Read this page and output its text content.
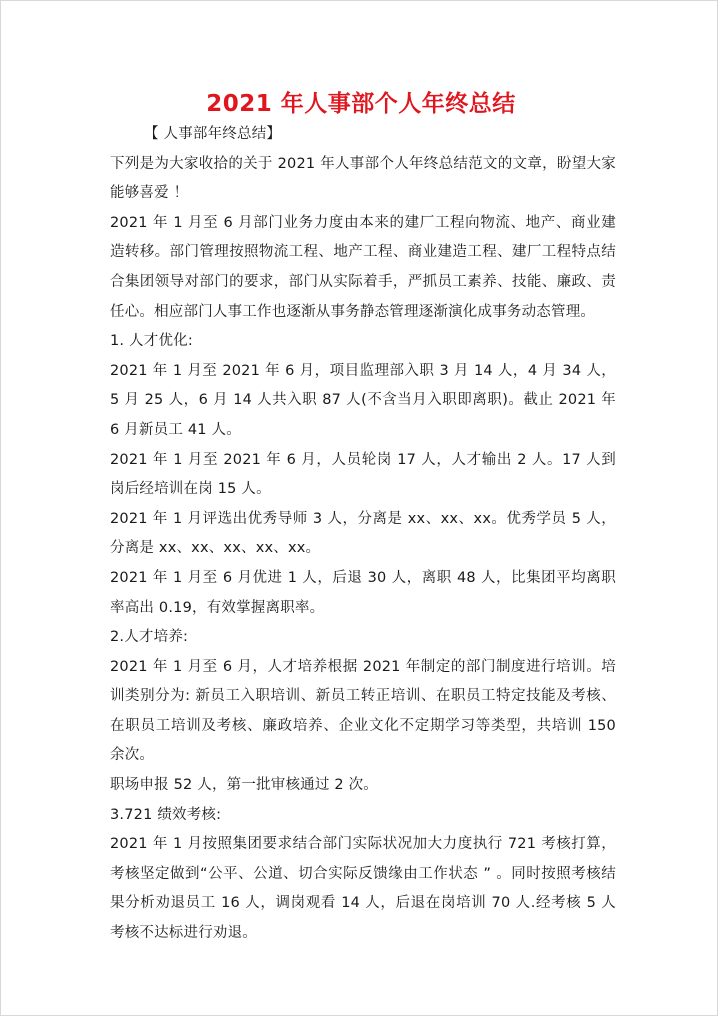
2021 年人事部个人年终总结

【 人事部年终总结】

下列是为大家收拾的关于 2021 年人事部个人年终总结范文的文章，盼望大家能够喜爱 ！

2021 年 1 月至 6 月部门业务力度由本来的建厂工程向物流、地产、商业建造转移。部门管理按照物流工程、地产工程、商业建造工程、建厂工程特点结合集团领导对部门的要求，部门从实际着手，严抓员工素养、技能、廉政、责任心。相应部门人事工作也逐渐从事务静态管理逐渐演化成事务动态管理。

1. 人才优化:

2021 年 1 月至 2021 年 6 月，项目监理部入职 3 月 14 人，4 月 34 人，5 月 25 人，6 月 14 人共入职 87 人(不含当月入职即离职)。截止 2021 年 6 月新员工 41 人。

2021 年 1 月至 2021 年 6 月，人员轮岗 17 人，人才输出 2 人。17 人到岗后经培训在岗 15 人。

2021 年 1 月评选出优秀导师 3 人，分离是 xx、xx、xx。优秀学员 5 人，分离是 xx、xx、xx、xx、xx。

2021 年 1 月至 6 月优进 1 人，后退 30 人，离职 48 人，比集团平均离职率高出 0.19，有效掌握离职率。

2.人才培养:

2021 年 1 月至 6 月，人才培养根据 2021 年制定的部门制度进行培训。培训类别分为: 新员工入职培训、新员工转正培训、在职员工特定技能及考核、在职员工培训及考核、廉政培养、企业文化不定期学习等类型，共培训 150 余次。

职场申报 52 人，第一批审核通过 2 次。

3.721 绩效考核:

2021 年 1 月按照集团要求结合部门实际状况加大力度执行 721 考核打算，考核坚定做到“公平、公道、切合实际反馈缘由工作状态 ” 。同时按照考核结果分析劝退员工 16 人，调岗观看 14 人，后退在岗培训 70 人.经考核 5 人考核不达标进行劝退。
